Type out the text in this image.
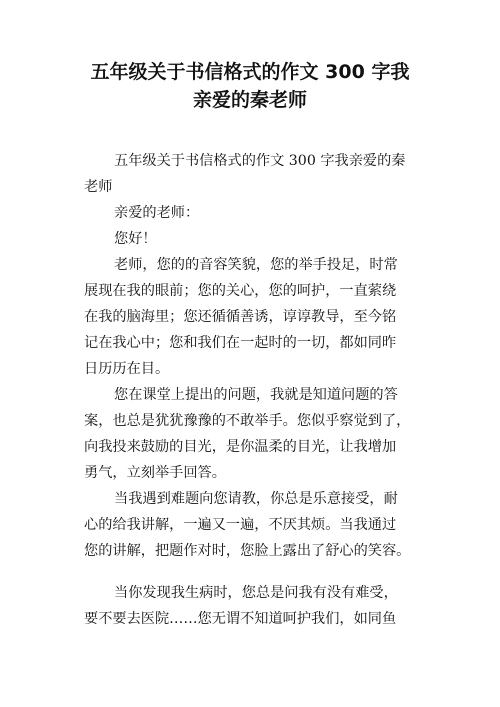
五年级关于书信格式的作文 300 字我
亲爱的秦老师
五年级关于书信格式的作文 300 字我亲爱的秦
老师
亲爱的老师：
您好！
老师，您的的音容笑貌，您的举手投足，时常
展现在我的眼前；您的关心，您的呵护，一直萦绕
在我的脑海里；您还循循善诱，谆谆教导，至今铭
记在我心中；您和我们在一起时的一切，都如同昨
日历历在目。
您在课堂上提出的问题，我就是知道问题的答
案，也总是犹犹豫豫的不敢举手。您似乎察觉到了，
向我投来鼓励的目光，是你温柔的目光，让我增加
勇气，立刻举手回答。
当我遇到难题向您请教，你总是乐意接受，耐
心的给我讲解，一遍又一遍，不厌其烦。当我通过
您的讲解，把题作对时，您脸上露出了舒心的笑容。
当你发现我生病时，您总是问我有没有难受，
要不要去医院……您无谓不知道呵护我们，如同鱼
